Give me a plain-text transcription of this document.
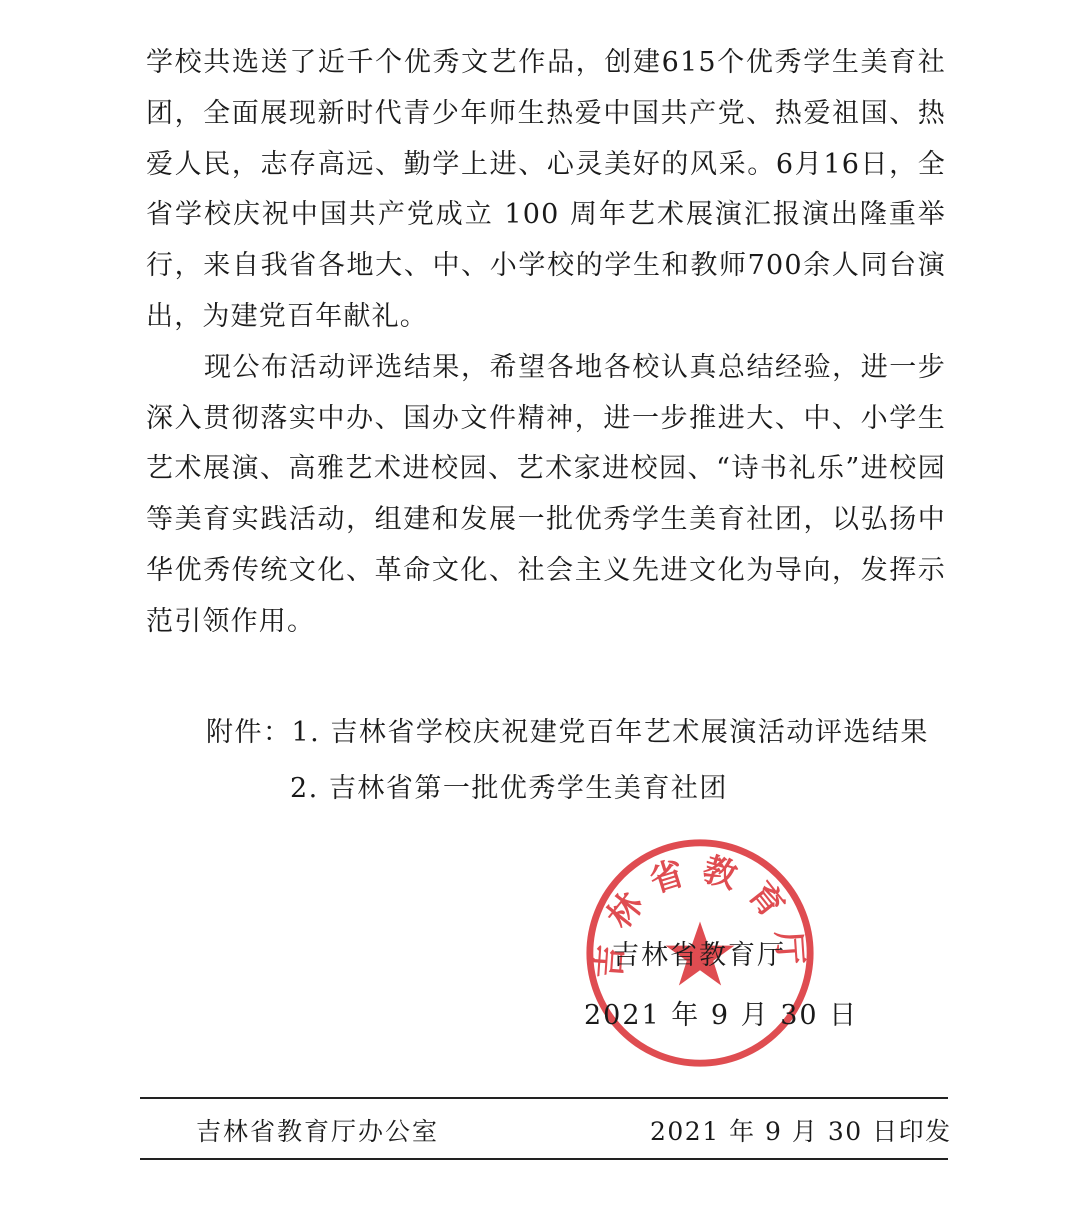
学校共选送了近千个优秀文艺作品，创建615个优秀学生美育社团，全面展现新时代青少年师生热爱中国共产党、热爱祖国、热爱人民，志存高远、勤学上进、心灵美好的风采。6月16日，全省学校庆祝中国共产党成立 100 周年艺术展演汇报演出隆重举行，来自我省各地大、中、小学校的学生和教师700余人同台演出，为建党百年献礼。

现公布活动评选结果，希望各地各校认真总结经验，进一步深入贯彻落实中办、国办文件精神，进一步推进大、中、小学生艺术展演、高雅艺术进校园、艺术家进校园、“诗书礼乐”进校园等美育实践活动，组建和发展一批优秀学生美育社团，以弘扬中华优秀传统文化、革命文化、社会主义先进文化为导向，发挥示范引领作用。

附件：1. 吉林省学校庆祝建党百年艺术展演活动评选结果
2. 吉林省第一批优秀学生美育社团
吉林省教育厅
吉林省教育厅
2021 年 9 月 30 日
吉林省教育厅办公室	2021 年 9 月 30 日印发
